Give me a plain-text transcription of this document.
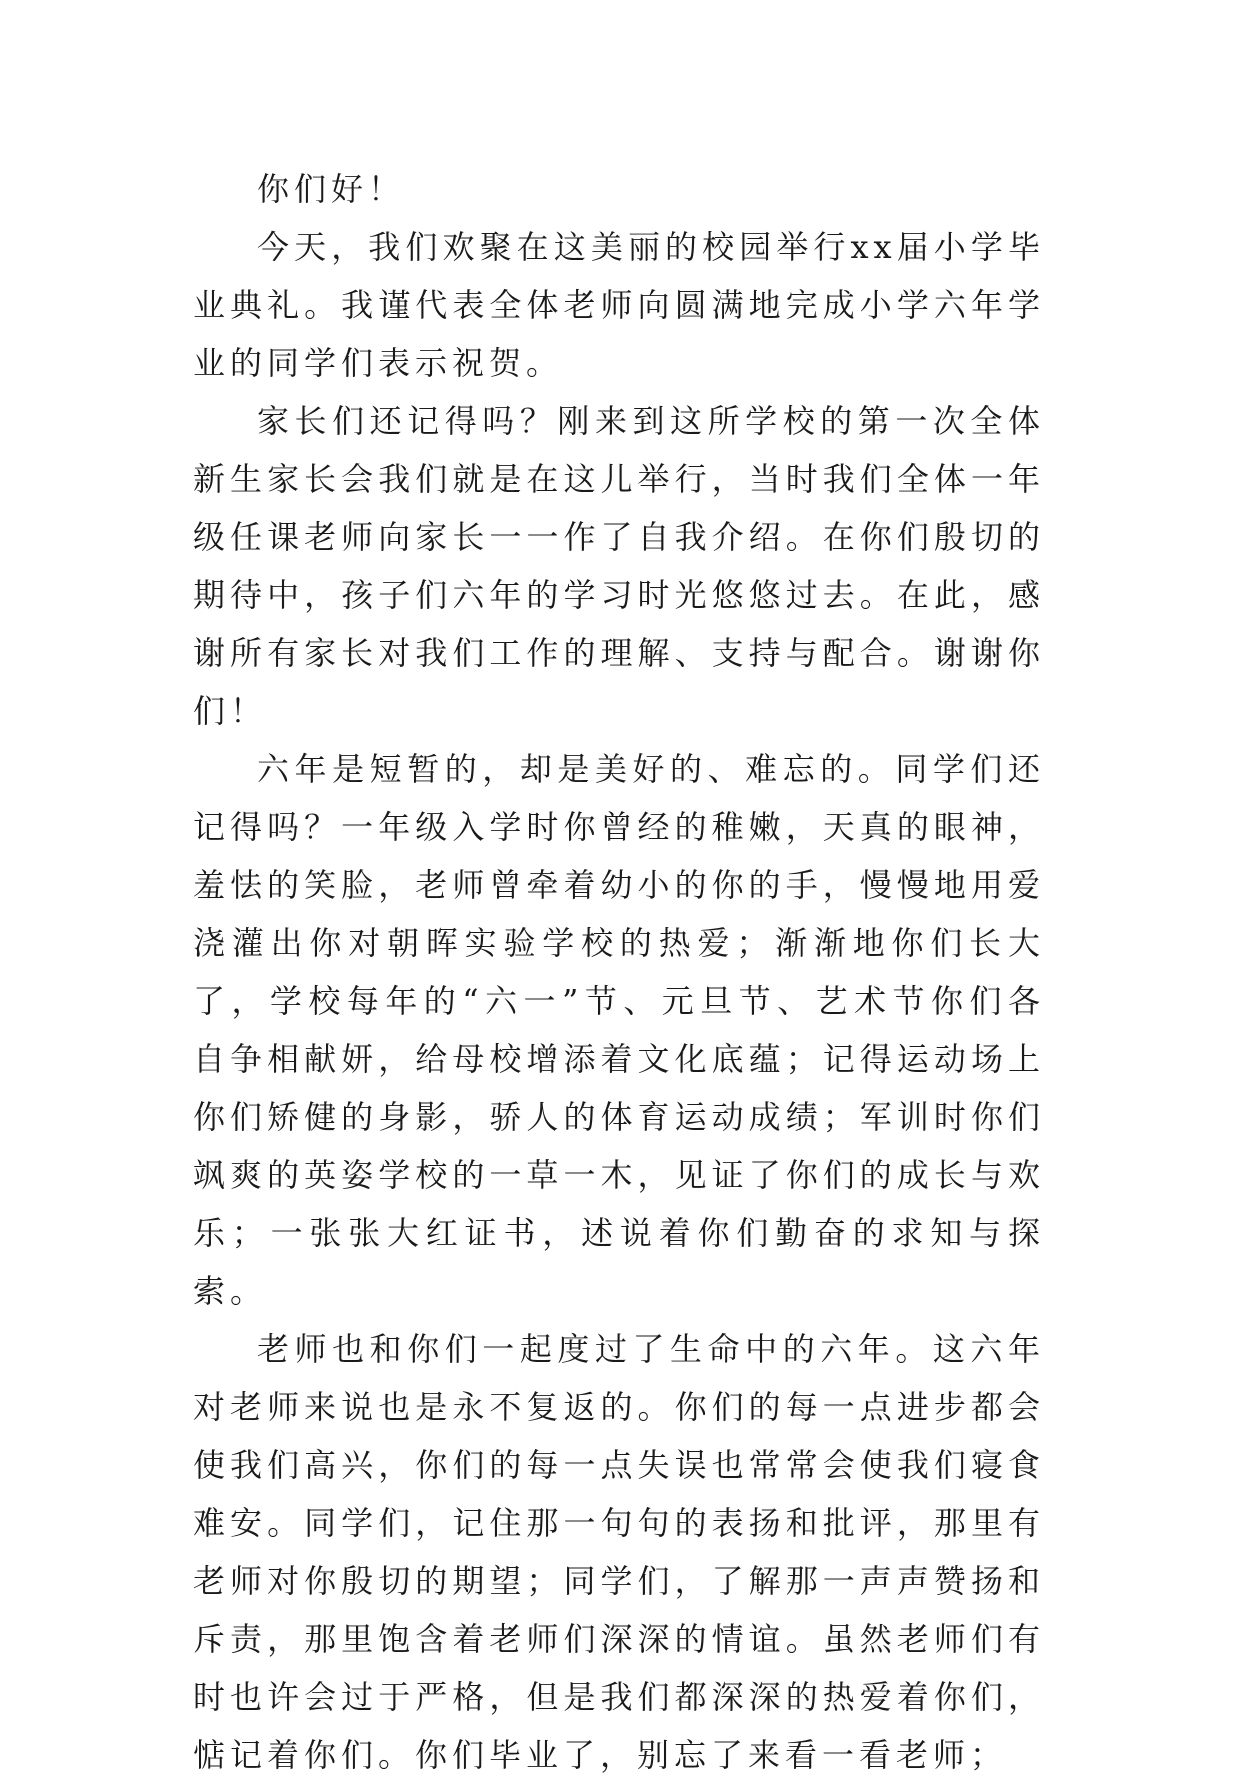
你们好！

今天，我们欢聚在这美丽的校园举行xx届小学毕业典礼。我谨代表全体老师向圆满地完成小学六年学业的同学们表示祝贺。

家长们还记得吗？刚来到这所学校的第一次全体新生家长会我们就是在这儿举行，当时我们全体一年级任课老师向家长一一作了自我介绍。在你们殷切的期待中，孩子们六年的学习时光悠悠过去。在此，感谢所有家长对我们工作的理解、支持与配合。谢谢你们！

六年是短暂的，却是美好的、难忘的。同学们还记得吗？一年级入学时你曾经的稚嫩，天真的眼神，羞怯的笑脸，老师曾牵着幼小的你的手，慢慢地用爱浇灌出你对朝晖实验学校的热爱；渐渐地你们长大了，学校每年的“六一”节、元旦节、艺术节你们各自争相献妍，给母校增添着文化底蕴；记得运动场上你们矫健的身影，骄人的体育运动成绩；军训时你们飒爽的英姿学校的一草一木，见证了你们的成长与欢乐；一张张大红证书，述说着你们勤奋的求知与探索。

老师也和你们一起度过了生命中的六年。这六年对老师来说也是永不复返的。你们的每一点进步都会使我们高兴，你们的每一点失误也常常会使我们寝食难安。同学们，记住那一句句的表扬和批评，那里有老师对你殷切的期望；同学们，了解那一声声赞扬和斥责，那里饱含着老师们深深的情谊。虽然老师们有时也许会过于严格，但是我们都深深的热爱着你们，惦记着你们。你们毕业了，别忘了来看一看老师；
